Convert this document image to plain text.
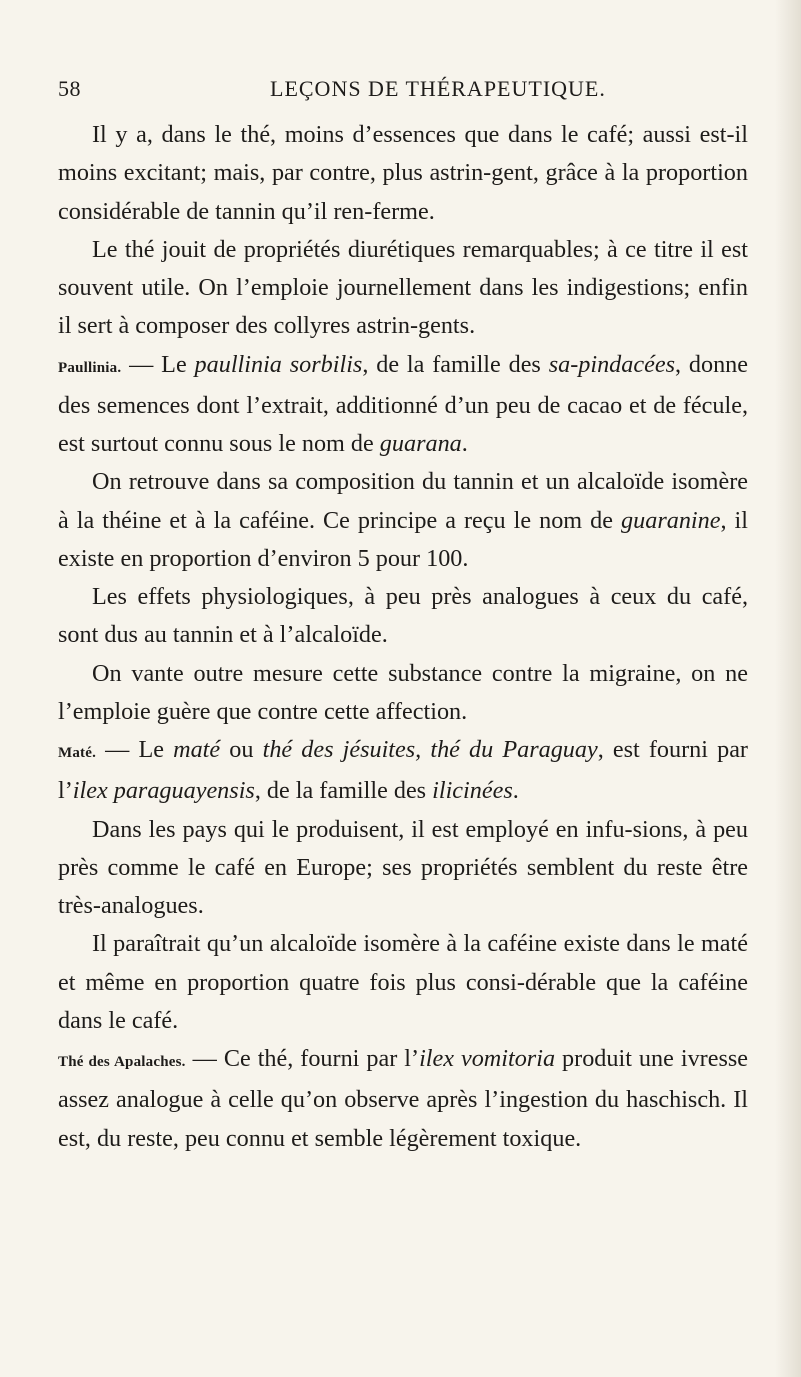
58	LEÇONS DE THÉRAPEUTIQUE.

Il y a, dans le thé, moins d’essences que dans le café; aussi est-il moins excitant; mais, par contre, plus astrin-gent, grâce à la proportion considérable de tannin qu’il ren-ferme.

Le thé jouit de propriétés diurétiques remarquables; à ce titre il est souvent utile. On l’emploie journellement dans les indigestions; enfin il sert à composer des collyres astrin-gents.

Paullinia. — Le paullinia sorbilis, de la famille des sa-pindacées, donne des semences dont l’extrait, additionné d’un peu de cacao et de fécule, est surtout connu sous le nom de guarana.

On retrouve dans sa composition du tannin et un alcaloïde isomère à la théine et à la caféine. Ce principe a reçu le nom de guaranine, il existe en proportion d’environ 5 pour 100.

Les effets physiologiques, à peu près analogues à ceux du café, sont dus au tannin et à l’alcaloïde.

On vante outre mesure cette substance contre la migraine, on ne l’emploie guère que contre cette affection.

Maté. — Le maté ou thé des jésuites, thé du Paraguay, est fourni par l’ilex paraguayensis, de la famille des ilicinées.

Dans les pays qui le produisent, il est employé en infu-sions, à peu près comme le café en Europe; ses propriétés semblent du reste être très-analogues.

Il paraîtrait qu’un alcaloïde isomère à la caféine existe dans le maté et même en proportion quatre fois plus consi-dérable que la caféine dans le café.

Thé des Apalaches. — Ce thé, fourni par l’ilex vomitoria produit une ivresse assez analogue à celle qu’on observe après l’ingestion du haschisch. Il est, du reste, peu connu et semble légèrement toxique.
